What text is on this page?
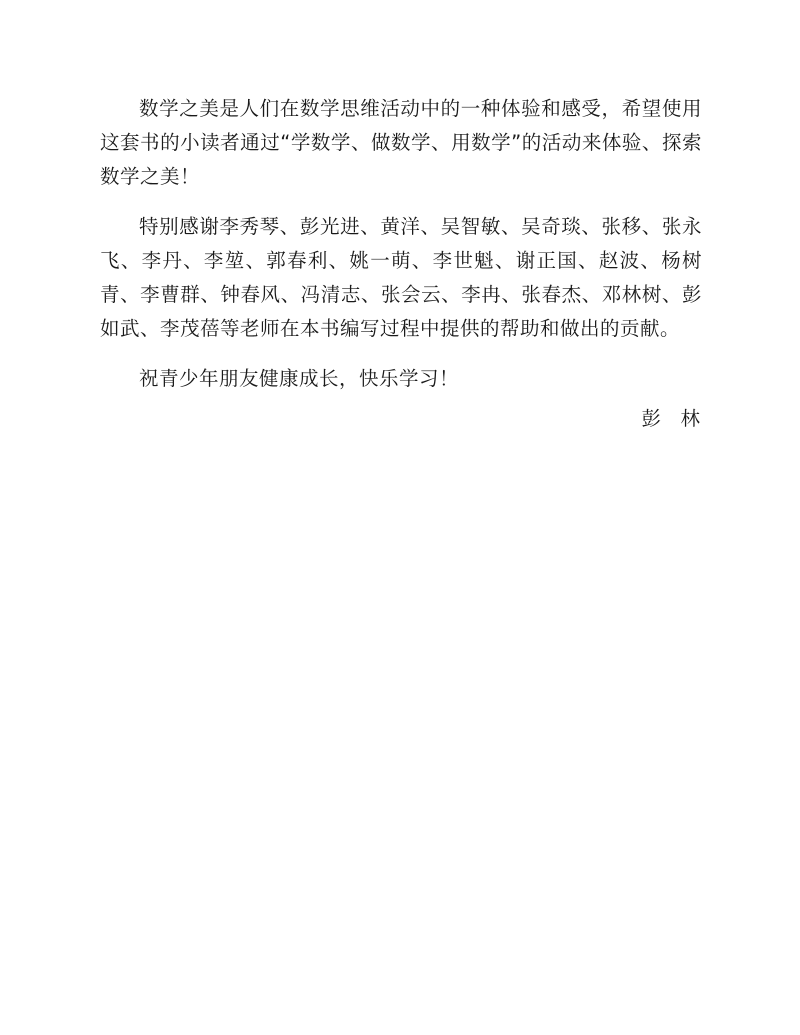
数学之美是人们在数学思维活动中的一种体验和感受，希望使用这套书的小读者通过“学数学、做数学、用数学”的活动来体验、探索数学之美！

特别感谢李秀琴、彭光进、黄洋、吴智敏、吴奇琰、张移、张永飞、李丹、李堃、郭春利、姚一萌、李世魁、谢正国、赵波、杨树青、李曹群、钟春风、冯清志、张会云、李冉、张春杰、邓林树、彭如武、李茂蓓等老师在本书编写过程中提供的帮助和做出的贡献。

祝青少年朋友健康成长，快乐学习！

彭　林
